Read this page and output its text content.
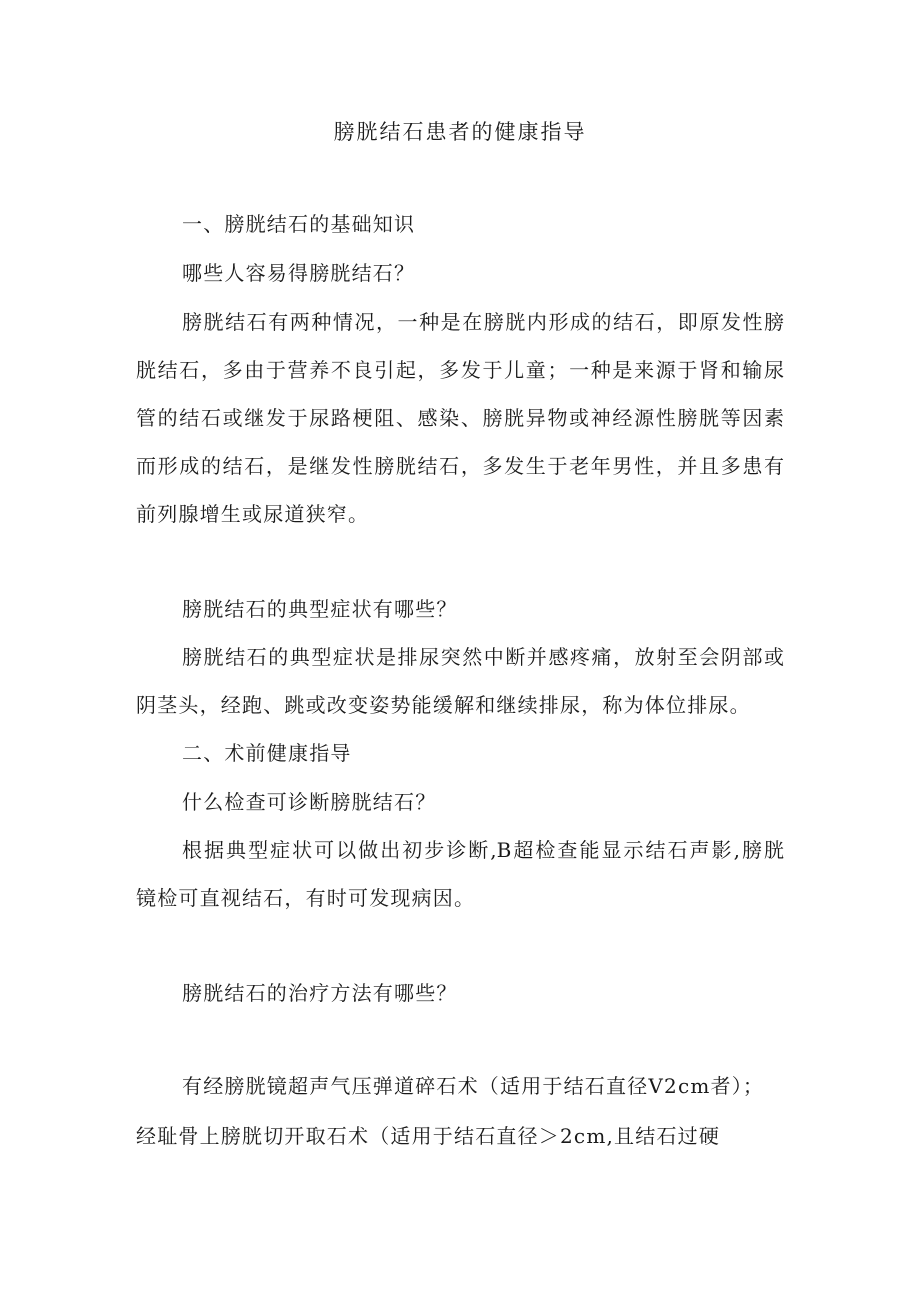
膀胱结石患者的健康指导
一、膀胱结石的基础知识
哪些人容易得膀胱结石？
膀胱结石有两种情况，一种是在膀胱内形成的结石，即原发性膀
胱结石，多由于营养不良引起，多发于儿童；一种是来源于肾和输尿
管的结石或继发于尿路梗阻、感染、膀胱异物或神经源性膀胱等因素
而形成的结石，是继发性膀胱结石，多发生于老年男性，并且多患有
前列腺增生或尿道狭窄。
膀胱结石的典型症状有哪些？
膀胱结石的典型症状是排尿突然中断并感疼痛，放射至会阴部或
阴茎头，经跑、跳或改变姿势能缓解和继续排尿，称为体位排尿。
二、术前健康指导
什么检查可诊断膀胱结石？
根据典型症状可以做出初步诊断,B超检查能显示结石声影,膀胱
镜检可直视结石，有时可发现病因。
膀胱结石的治疗方法有哪些？
有经膀胱镜超声气压弹道碎石术（适用于结石直径V2cm者）；
经耻骨上膀胱切开取石术（适用于结石直径＞2cm,且结石过硬
